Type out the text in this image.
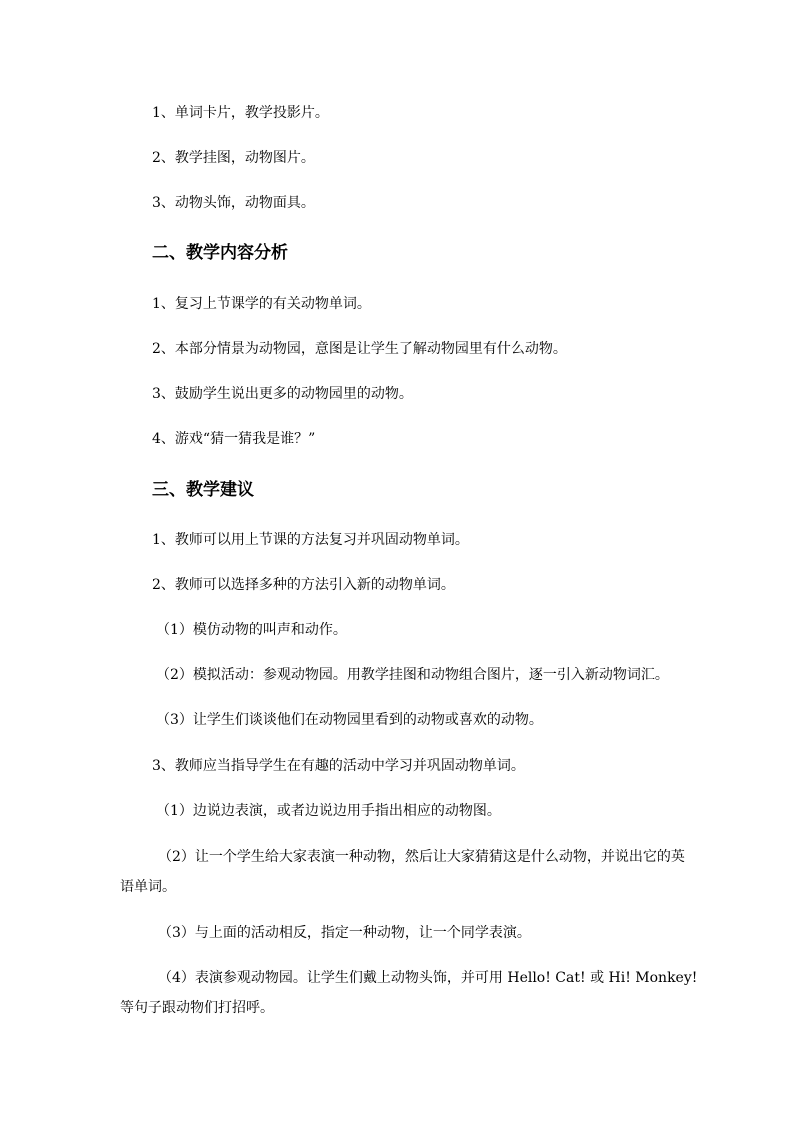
1、单词卡片，教学投影片。
2、教学挂图，动物图片。
3、动物头饰，动物面具。
二、教学内容分析
1、复习上节课学的有关动物单词。
2、本部分情景为动物园，意图是让学生了解动物园里有什么动物。
3、鼓励学生说出更多的动物园里的动物。
4、游戏“猜一猜我是谁？”
三、教学建议
1、教师可以用上节课的方法复习并巩固动物单词。
2、教师可以选择多种的方法引入新的动物单词。
（1）模仿动物的叫声和动作。
（2）模拟活动：参观动物园。用教学挂图和动物组合图片，逐一引入新动物词汇。
（3）让学生们谈谈他们在动物园里看到的动物或喜欢的动物。
3、教师应当指导学生在有趣的活动中学习并巩固动物单词。
（1）边说边表演，或者边说边用手指出相应的动物图。
（2）让一个学生给大家表演一种动物，然后让大家猜猜这是什么动物，并说出它的英
语单词。
（3）与上面的活动相反，指定一种动物，让一个同学表演。
（4）表演参观动物园。让学生们戴上动物头饰，并可用 Hello! Cat! 或 Hi! Monkey!
等句子跟动物们打招呼。
